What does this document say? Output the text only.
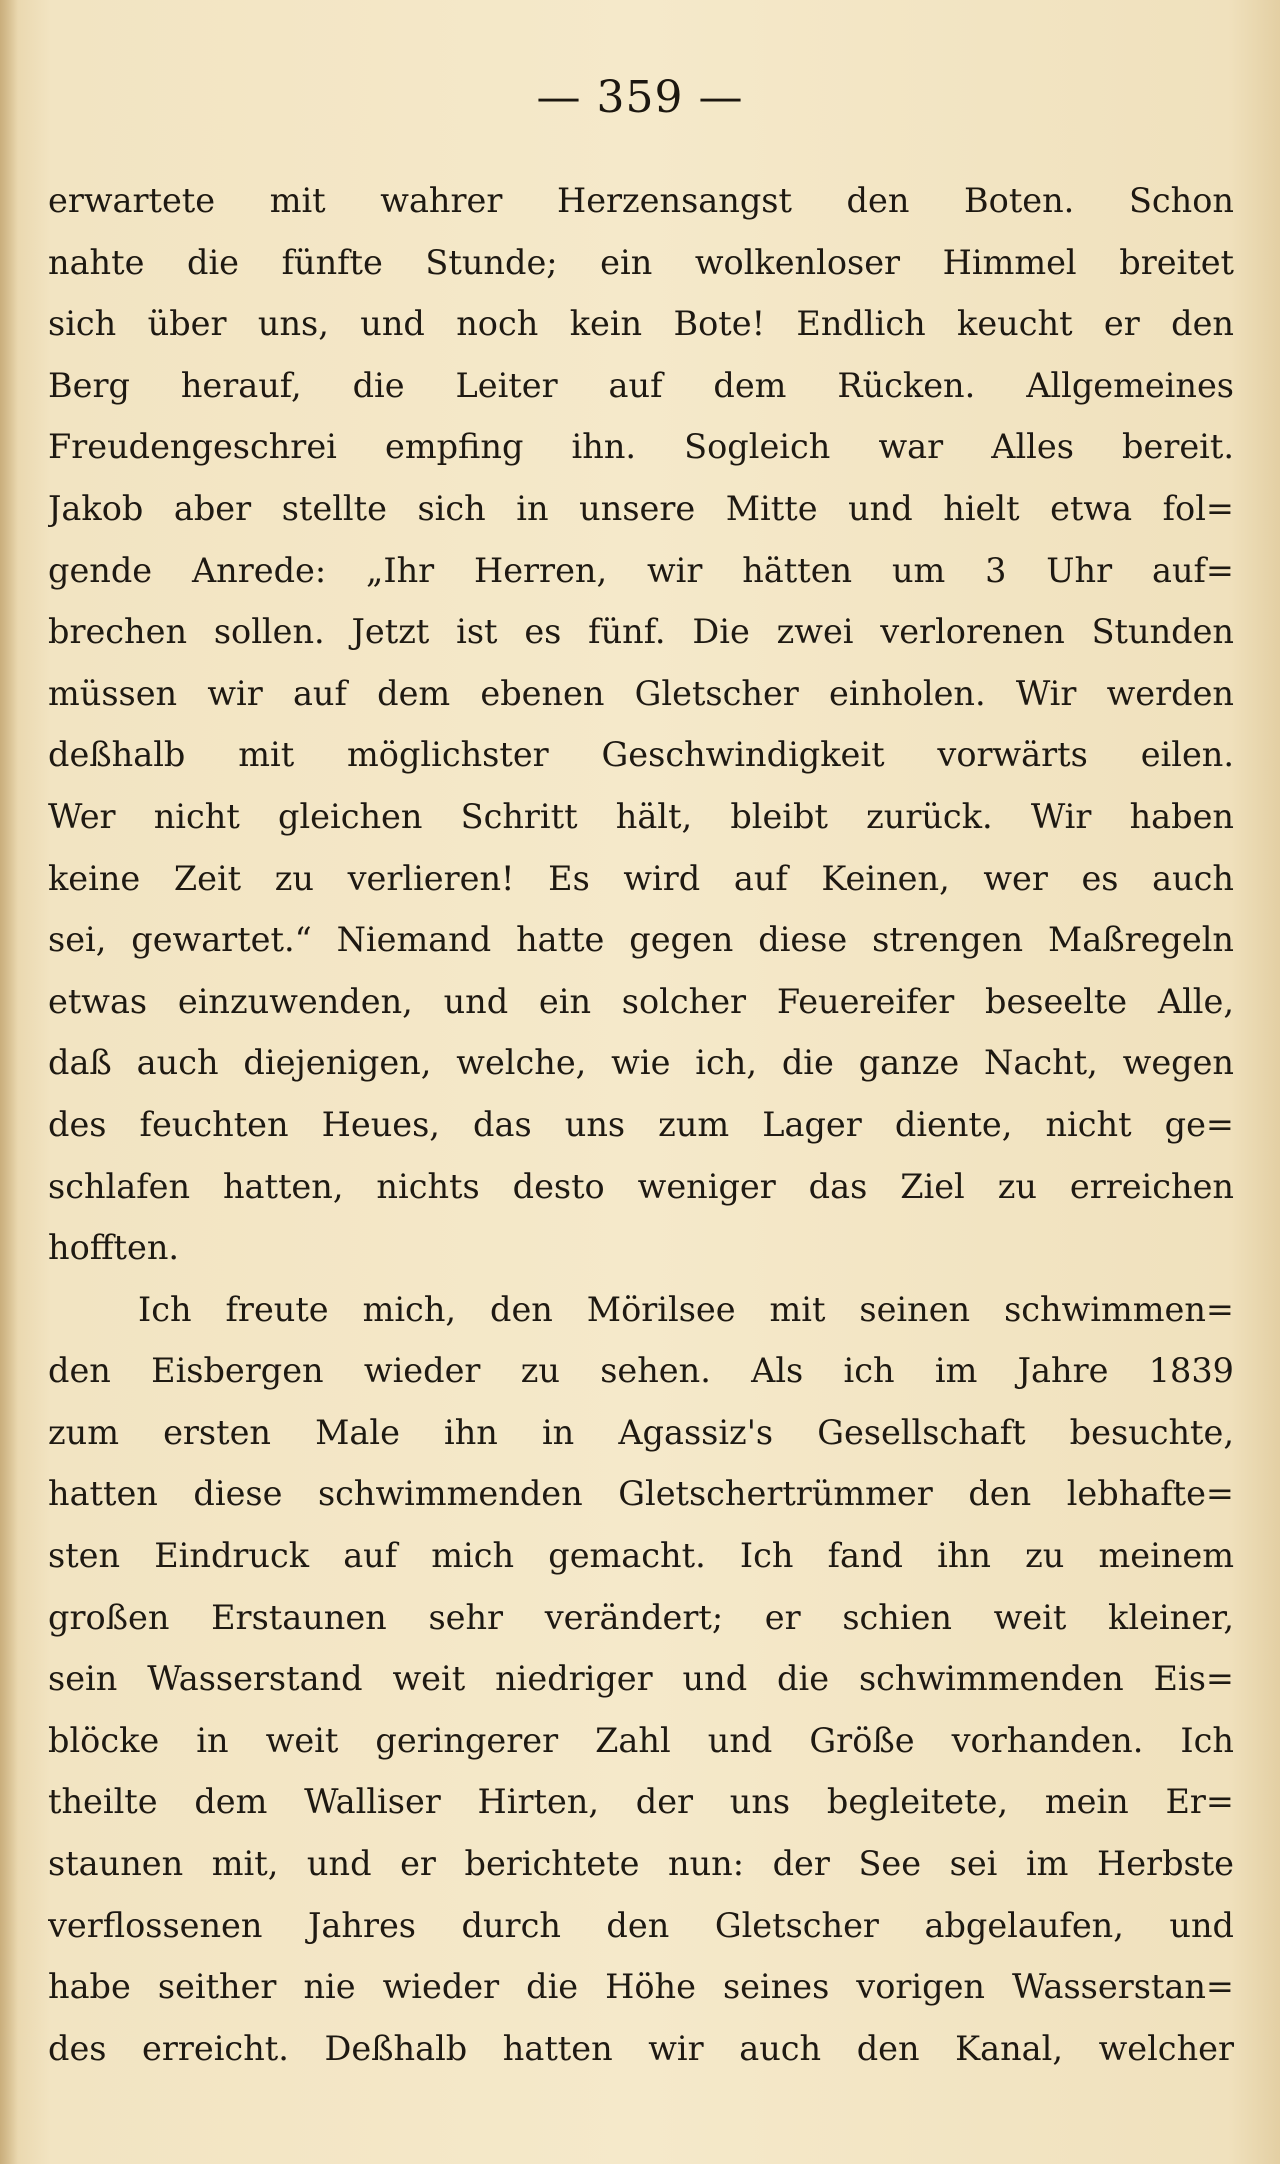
— 359 —
erwartete mit wahrer Herzensangst den Boten. Schon
nahte die fünfte Stunde; ein wolkenloser Himmel breitet
sich über uns, und noch kein Bote! Endlich keucht er den
Berg herauf, die Leiter auf dem Rücken. Allgemeines
Freudengeschrei empfing ihn. Sogleich war Alles bereit.
Jakob aber stellte sich in unsere Mitte und hielt etwa fol=
gende Anrede: „Ihr Herren, wir hätten um 3 Uhr auf=
brechen sollen. Jetzt ist es fünf. Die zwei verlorenen Stunden
müssen wir auf dem ebenen Gletscher einholen. Wir werden
deßhalb mit möglichster Geschwindigkeit vorwärts eilen.
Wer nicht gleichen Schritt hält, bleibt zurück. Wir haben
keine Zeit zu verlieren! Es wird auf Keinen, wer es auch
sei, gewartet.“ Niemand hatte gegen diese strengen Maßregeln
etwas einzuwenden, und ein solcher Feuereifer beseelte Alle,
daß auch diejenigen, welche, wie ich, die ganze Nacht, wegen
des feuchten Heues, das uns zum Lager diente, nicht ge=
schlafen hatten, nichts desto weniger das Ziel zu erreichen
hofften.
Ich freute mich, den Mörilsee mit seinen schwimmen=
den Eisbergen wieder zu sehen. Als ich im Jahre 1839
zum ersten Male ihn in Agassiz's Gesellschaft besuchte,
hatten diese schwimmenden Gletschertrümmer den lebhafte=
sten Eindruck auf mich gemacht. Ich fand ihn zu meinem
großen Erstaunen sehr verändert; er schien weit kleiner,
sein Wasserstand weit niedriger und die schwimmenden Eis=
blöcke in weit geringerer Zahl und Größe vorhanden. Ich
theilte dem Walliser Hirten, der uns begleitete, mein Er=
staunen mit, und er berichtete nun: der See sei im Herbste
verflossenen Jahres durch den Gletscher abgelaufen, und
habe seither nie wieder die Höhe seines vorigen Wasserstan=
des erreicht. Deßhalb hatten wir auch den Kanal, welcher
